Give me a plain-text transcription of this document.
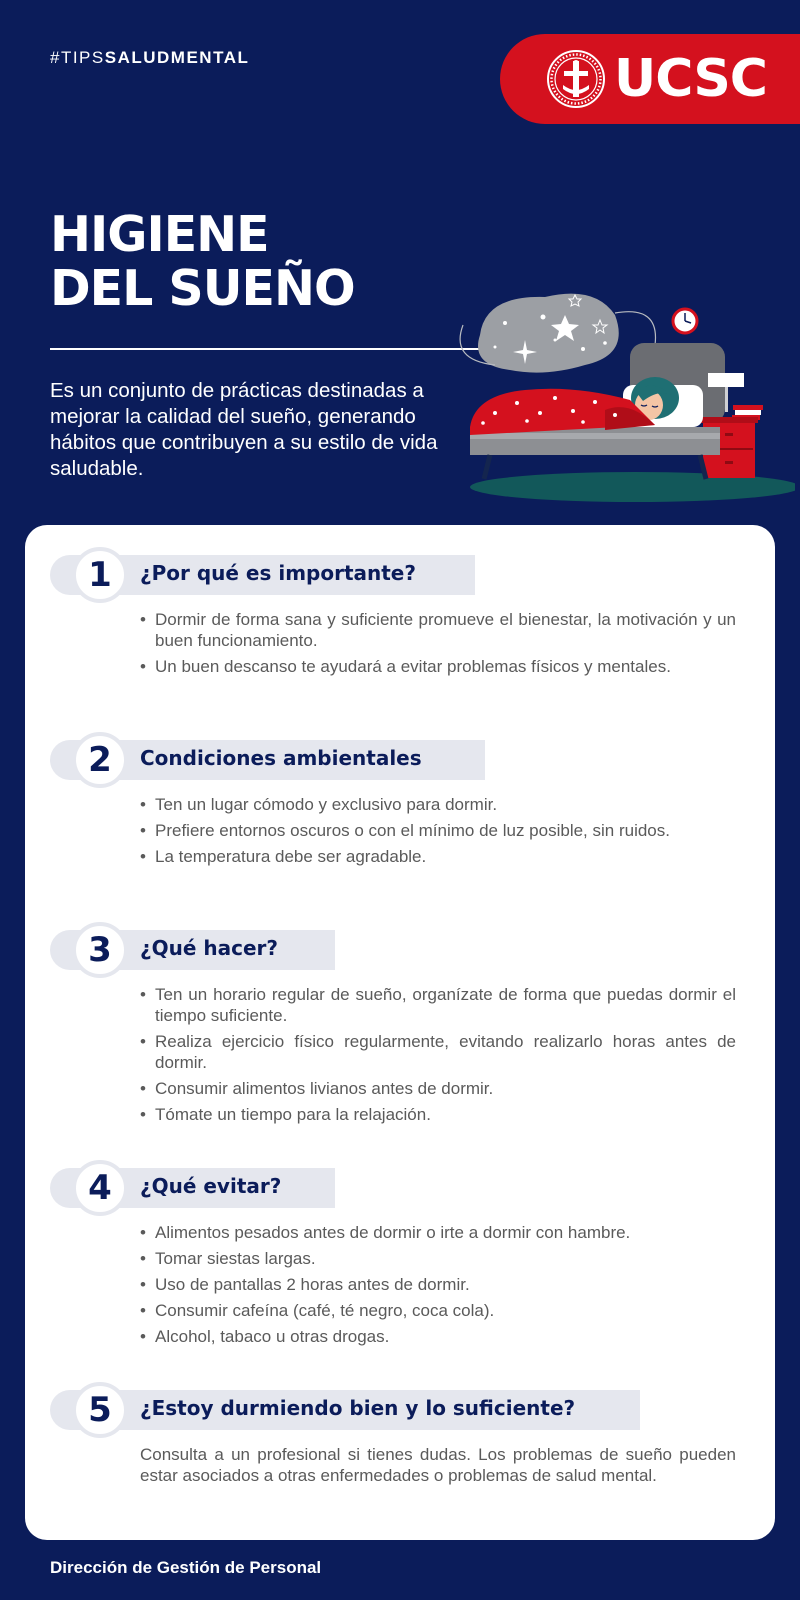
#TIPSSALUDMENTAL	UCSC
HIGIENE
DEL SUEÑO

Es un conjunto de prácticas destinadas a mejorar la calidad del sueño, generando hábitos que contribuyen a su estilo de vida saludable.

1	¿Por qué es importante?
• Dormir de forma sana y suficiente promueve el bienestar, la motivación y un buen funcionamiento.
• Un buen descanso te ayudará a evitar problemas físicos y mentales.
2	Condiciones ambientales
• Ten un lugar cómodo y exclusivo para dormir.
• Prefiere entornos oscuros o con el mínimo de luz posible, sin ruidos.
• La temperatura debe ser agradable.
3	¿Qué hacer?
• Ten un horario regular de sueño, organízate de forma que puedas dormir el tiempo suficiente.
• Realiza ejercicio físico regularmente, evitando realizarlo horas antes de dormir.
• Consumir alimentos livianos antes de dormir.
• Tómate un tiempo para la relajación.
4	¿Qué evitar?
• Alimentos pesados antes de dormir o irte a dormir con hambre.
• Tomar siestas largas.
• Uso de pantallas 2 horas antes de dormir.
• Consumir cafeína (café, té negro, coca cola).
• Alcohol, tabaco u otras drogas.
5	¿Estoy durmiendo bien y lo suficiente?

Consulta a un profesional si tienes dudas. Los problemas de sueño pueden estar asociados a otras enfermedades o problemas de salud mental.

Dirección de Gestión de Personal
